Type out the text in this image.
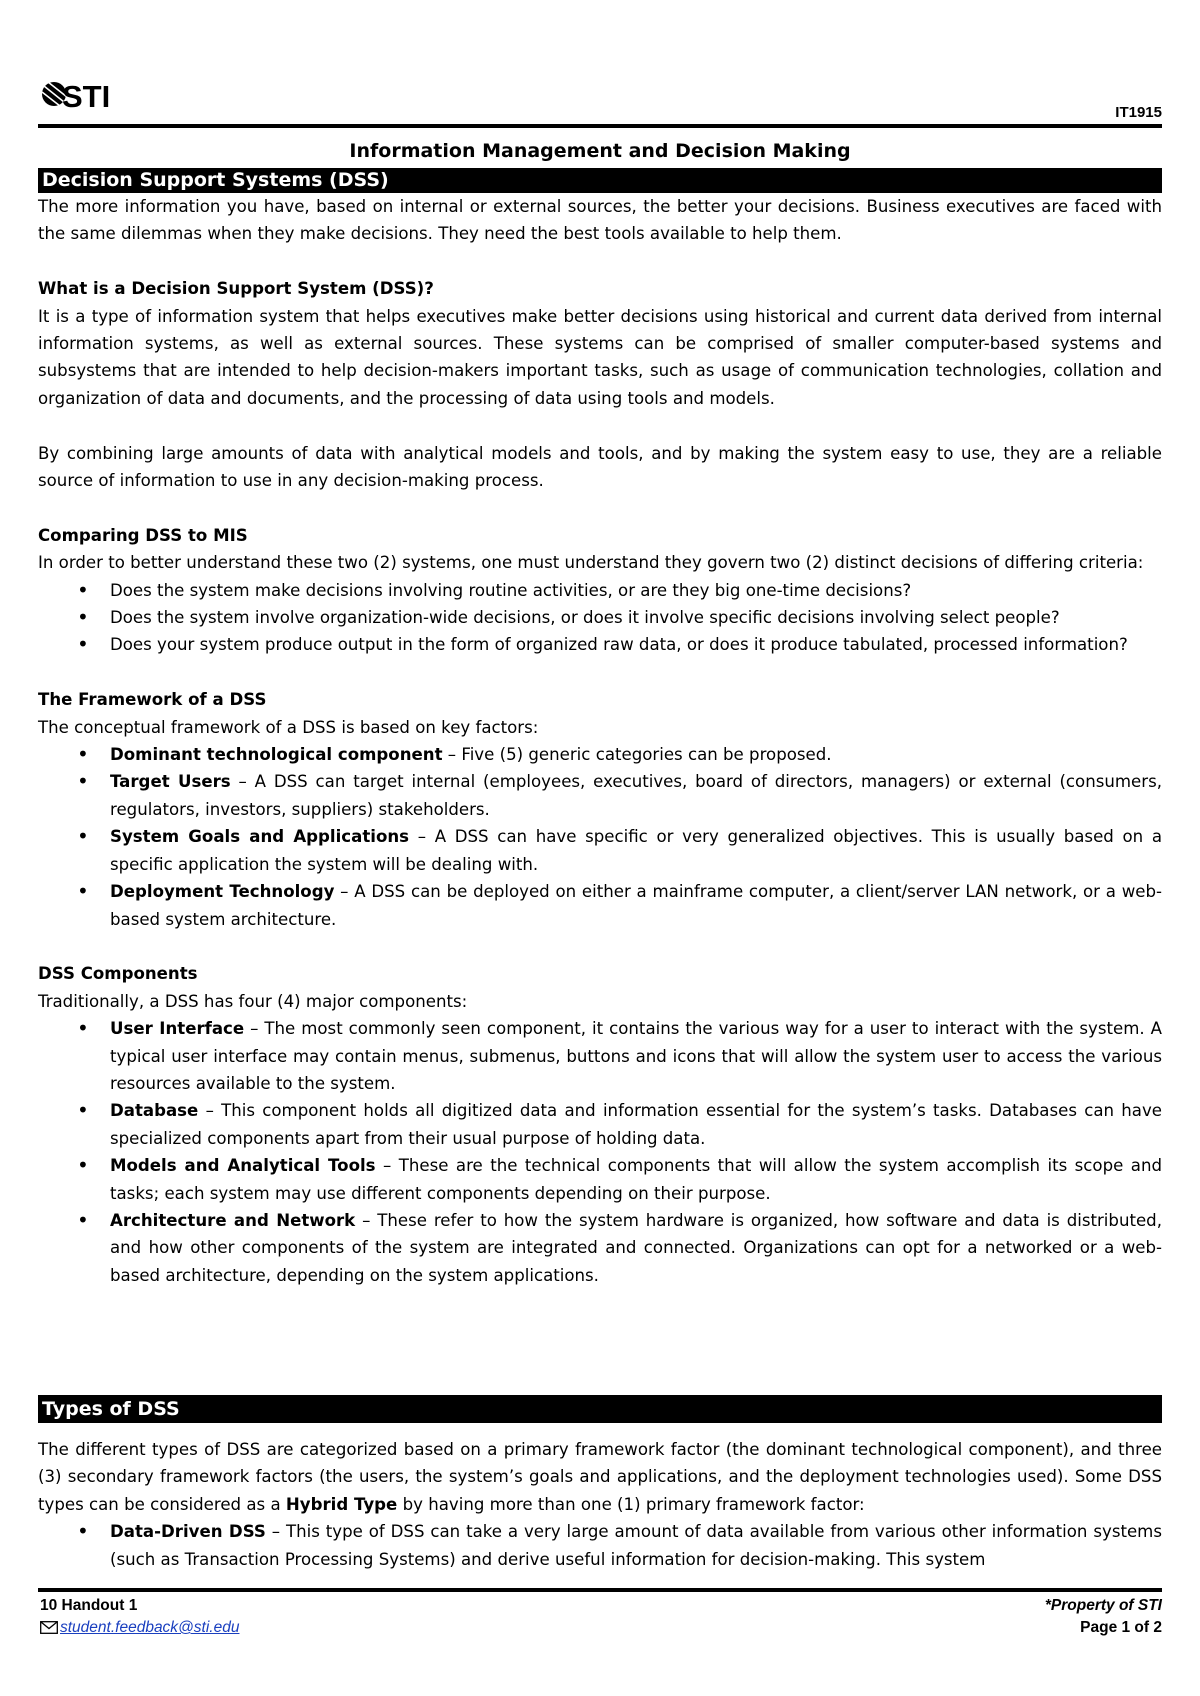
STI	IT1915
Information Management and Decision Making
Decision Support Systems (DSS)

The more information you have, based on internal or external sources, the better your decisions. Business executives are faced with the same dilemmas when they make decisions. They need the best tools available to help them.

What is a Decision Support System (DSS)?

It is a type of information system that helps executives make better decisions using historical and current data derived from internal information systems, as well as external sources. These systems can be comprised of smaller computer-based systems and subsystems that are intended to help decision-makers important tasks, such as usage of communication technologies, collation and organization of data and documents, and the processing of data using tools and models.

By combining large amounts of data with analytical models and tools, and by making the system easy to use, they are a reliable source of information to use in any decision-making process.

Comparing DSS to MIS

In order to better understand these two (2) systems, one must understand they govern two (2) distinct decisions of differing criteria:

• Does the system make decisions involving routine activities, or are they big one-time decisions?
• Does the system involve organization-wide decisions, or does it involve specific decisions involving select people?
• Does your system produce output in the form of organized raw data, or does it produce tabulated, processed information?

The Framework of a DSS

The conceptual framework of a DSS is based on key factors:

• Dominant technological component – Five (5) generic categories can be proposed.
• Target Users – A DSS can target internal (employees, executives, board of directors, managers) or external (consumers, regulators, investors, suppliers) stakeholders.
• System Goals and Applications – A DSS can have specific or very generalized objectives. This is usually based on a specific application the system will be dealing with.
• Deployment Technology – A DSS can be deployed on either a mainframe computer, a client/server LAN network, or a web-based system architecture.

DSS Components

Traditionally, a DSS has four (4) major components:

• User Interface – The most commonly seen component, it contains the various way for a user to interact with the system. A typical user interface may contain menus, submenus, buttons and icons that will allow the system user to access the various resources available to the system.
• Database – This component holds all digitized data and information essential for the system’s tasks. Databases can have specialized components apart from their usual purpose of holding data.
• Models and Analytical Tools – These are the technical components that will allow the system accomplish its scope and tasks; each system may use different components depending on their purpose.
• Architecture and Network – These refer to how the system hardware is organized, how software and data is distributed, and how other components of the system are integrated and connected. Organizations can opt for a networked or a web-based architecture, depending on the system applications.
Types of DSS

The different types of DSS are categorized based on a primary framework factor (the dominant technological component), and three (3) secondary framework factors (the users, the system’s goals and applications, and the deployment technologies used). Some DSS types can be considered as a Hybrid Type by having more than one (1) primary framework factor:

• Data-Driven DSS – This type of DSS can take a very large amount of data available from various other information systems (such as Transaction Processing Systems) and derive useful information for decision-making. This system
10 Handout 1
student.feedback@sti.edu
*Property of STI
Page 1 of 2
